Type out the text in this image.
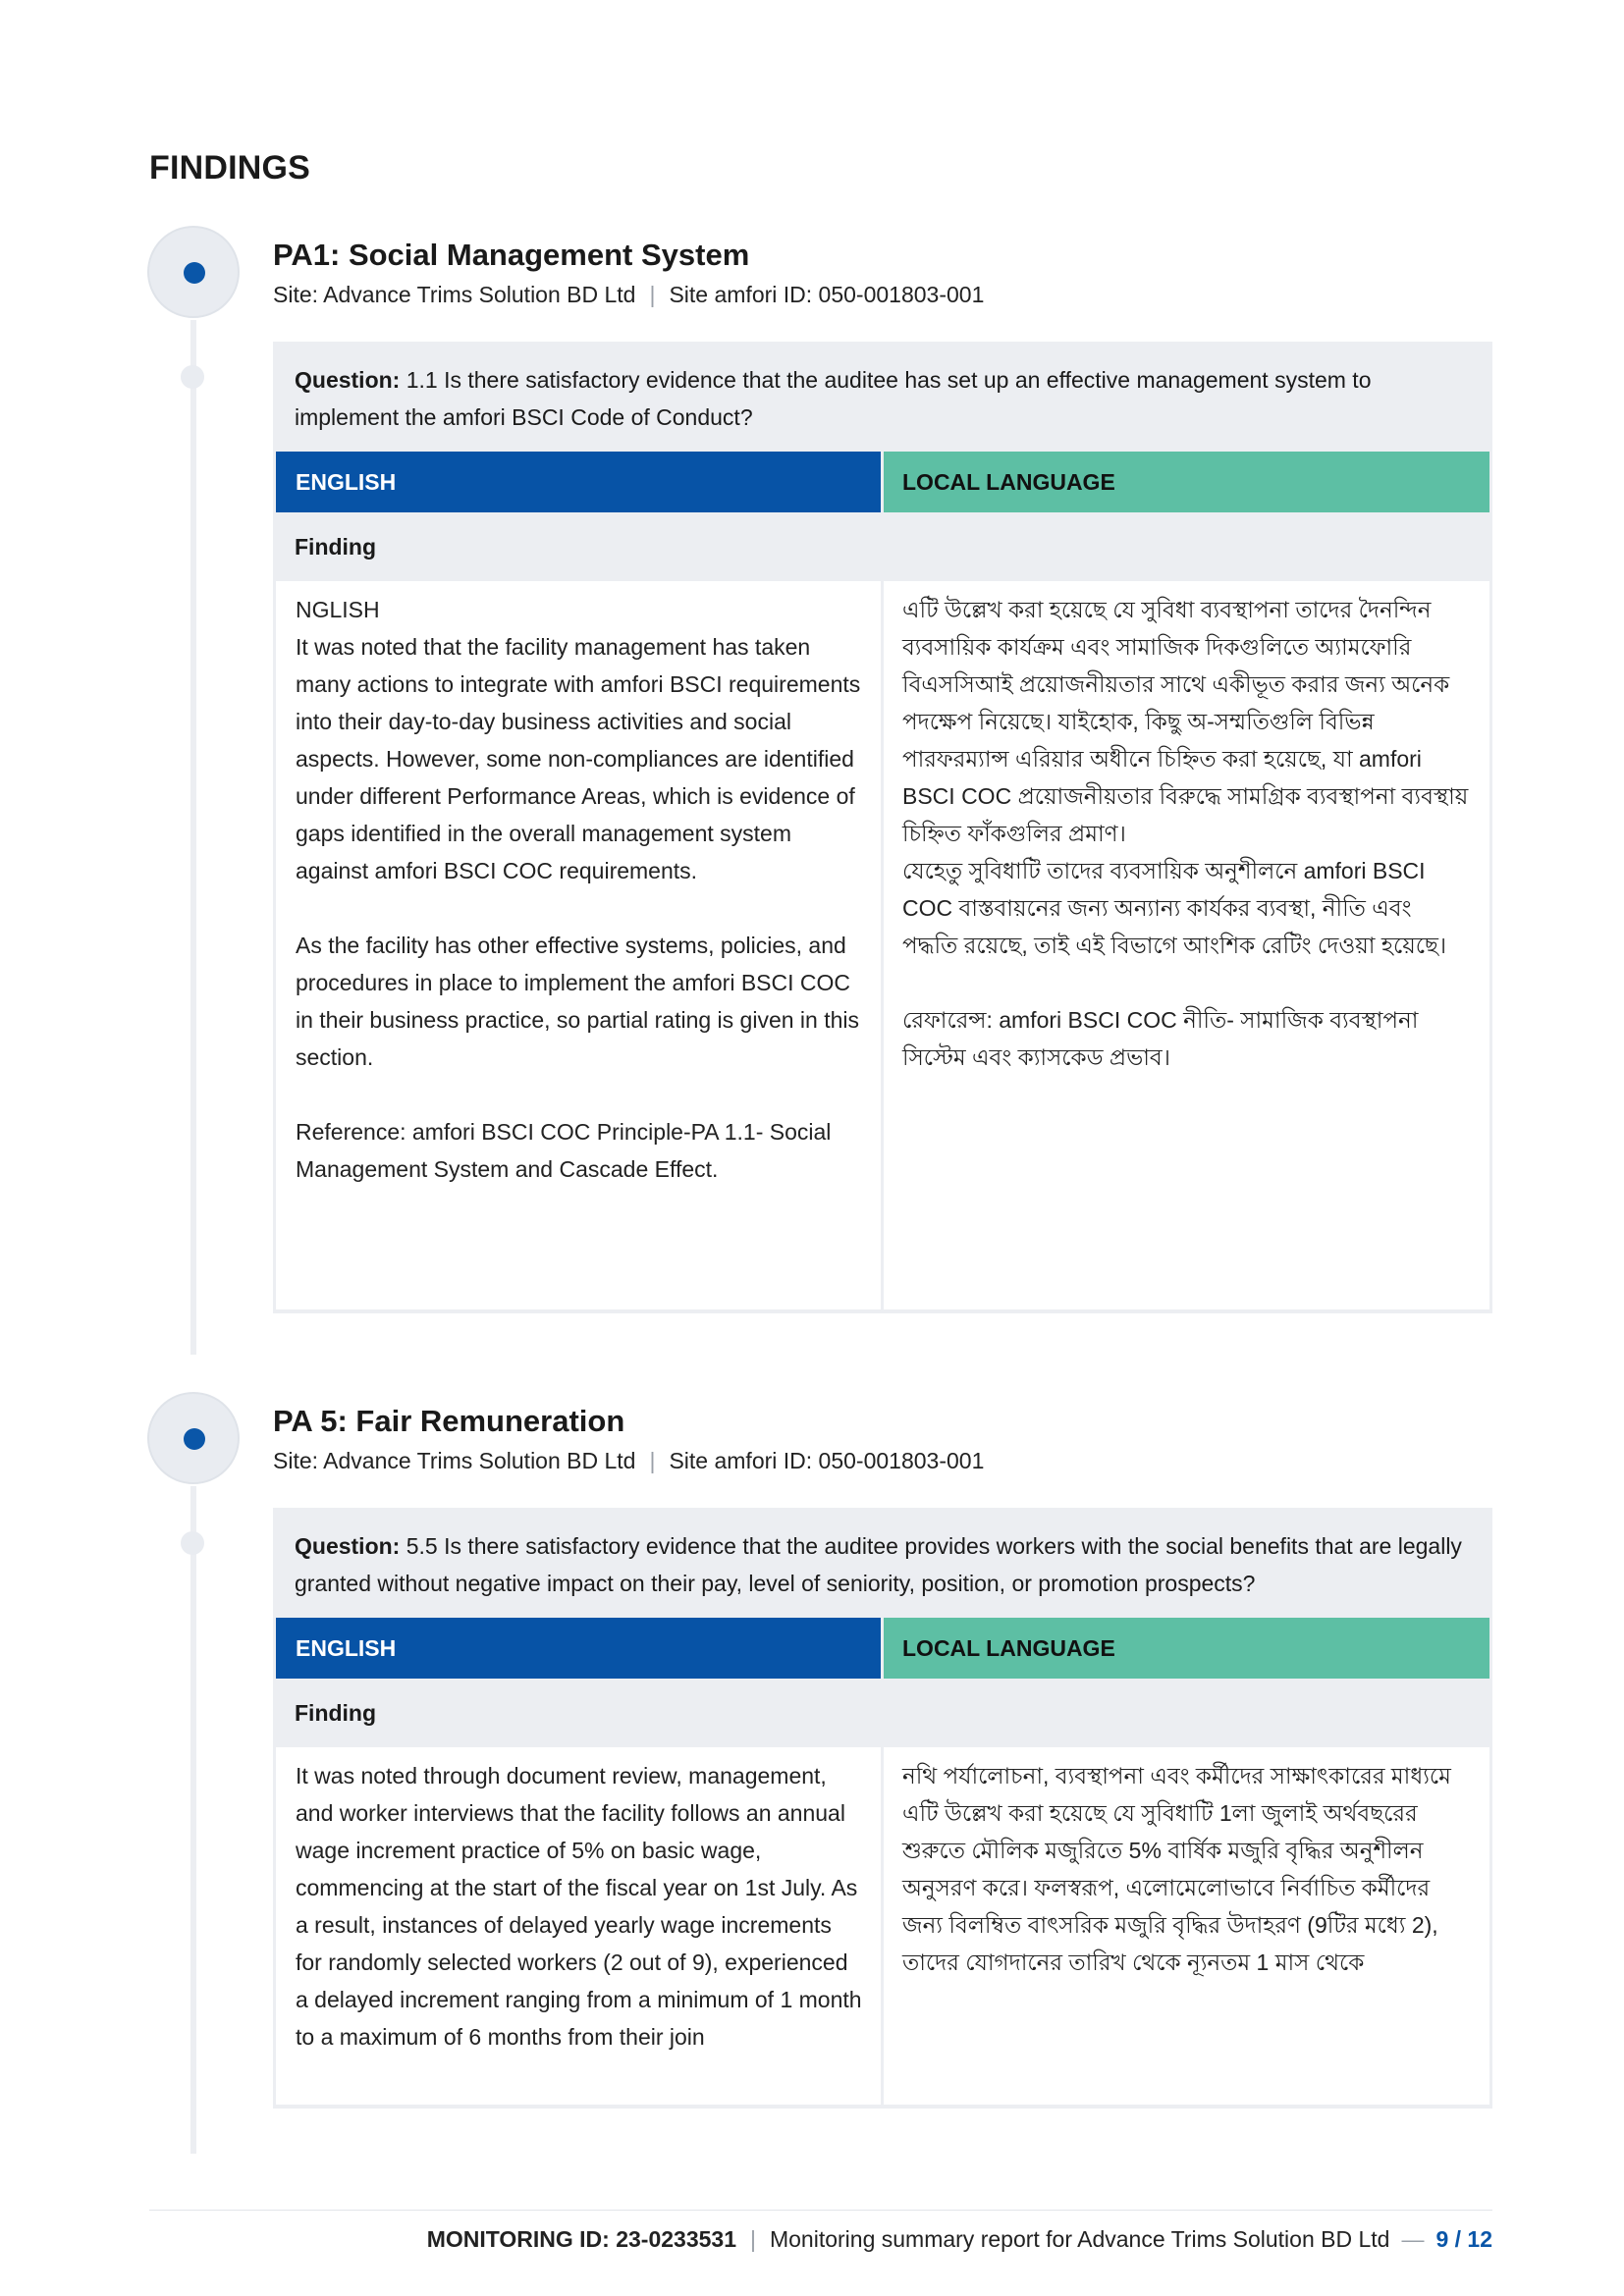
FINDINGS
PA1: Social Management System
Site: Advance Trims Solution BD Ltd | Site amfori ID: 050-001803-001
Question: 1.1 Is there satisfactory evidence that the auditee has set up an effective management system to implement the amfori BSCI Code of Conduct?
ENGLISH	LOCAL LANGUAGE
Finding
NGLISH
It was noted that the facility management has taken many actions to integrate with amfori BSCI requirements into their day-to-day business activities and social aspects. However, some non-compliances are identified under different Performance Areas, which is evidence of gaps identified in the overall management system against amfori BSCI COC requirements.
As the facility has other effective systems, policies, and procedures in place to implement the amfori BSCI COC in their business practice, so partial rating is given in this section.
Reference: amfori BSCI COC Principle-PA 1.1- Social Management System and Cascade Effect.
এটি উল্লেখ করা হয়েছে যে সুবিধা ব্যবস্থাপনা তাদের দৈনন্দিন ব্যবসায়িক কার্যক্রম এবং সামাজিক দিকগুলিতে অ্যামফোরি বিএসসিআই প্রয়োজনীয়তার সাথে একীভূত করার জন্য অনেক পদক্ষেপ নিয়েছে। যাইহোক, কিছু অ-সম্মতিগুলি বিভিন্ন পারফরম্যান্স এরিয়ার অধীনে চিহ্নিত করা হয়েছে, যা amfori BSCI COC প্রয়োজনীয়তার বিরুদ্ধে সামগ্রিক ব্যবস্থাপনা ব্যবস্থায় চিহ্নিত ফাঁকগুলির প্রমাণ।
যেহেতু সুবিধাটি তাদের ব্যবসায়িক অনুশীলনে amfori BSCI COC বাস্তবায়নের জন্য অন্যান্য কার্যকর ব্যবস্থা, নীতি এবং পদ্ধতি রয়েছে, তাই এই বিভাগে আংশিক রেটিং দেওয়া হয়েছে।
রেফারেন্স: amfori BSCI COC নীতি- সামাজিক ব্যবস্থাপনা সিস্টেম এবং ক্যাসকেড প্রভাব।
PA 5: Fair Remuneration
Site: Advance Trims Solution BD Ltd | Site amfori ID: 050-001803-001
Question: 5.5 Is there satisfactory evidence that the auditee provides workers with the social benefits that are legally granted without negative impact on their pay, level of seniority, position, or promotion prospects?
ENGLISH	LOCAL LANGUAGE
Finding
It was noted through document review, management, and worker interviews that the facility follows an annual wage increment practice of 5% on basic wage, commencing at the start of the fiscal year on 1st July. As a result, instances of delayed yearly wage increments for randomly selected workers (2 out of 9), experienced a delayed increment ranging from a minimum of 1 month to a maximum of 6 months from their join
নথি পর্যালোচনা, ব্যবস্থাপনা এবং কর্মীদের সাক্ষাৎকারের মাধ্যমে এটি উল্লেখ করা হয়েছে যে সুবিধাটি 1লা জুলাই অর্থবছরের শুরুতে মৌলিক মজুরিতে 5% বার্ষিক মজুরি বৃদ্ধির অনুশীলন অনুসরণ করে। ফলস্বরূপ, এলোমেলোভাবে নির্বাচিত কর্মীদের জন্য বিলম্বিত বাৎসরিক মজুরি বৃদ্ধির উদাহরণ (9টির মধ্যে 2), তাদের যোগদানের তারিখ থেকে ন্যূনতম 1 মাস থেকে
MONITORING ID: 23-0233531 | Monitoring summary report for Advance Trims Solution BD Ltd — 9 / 12
